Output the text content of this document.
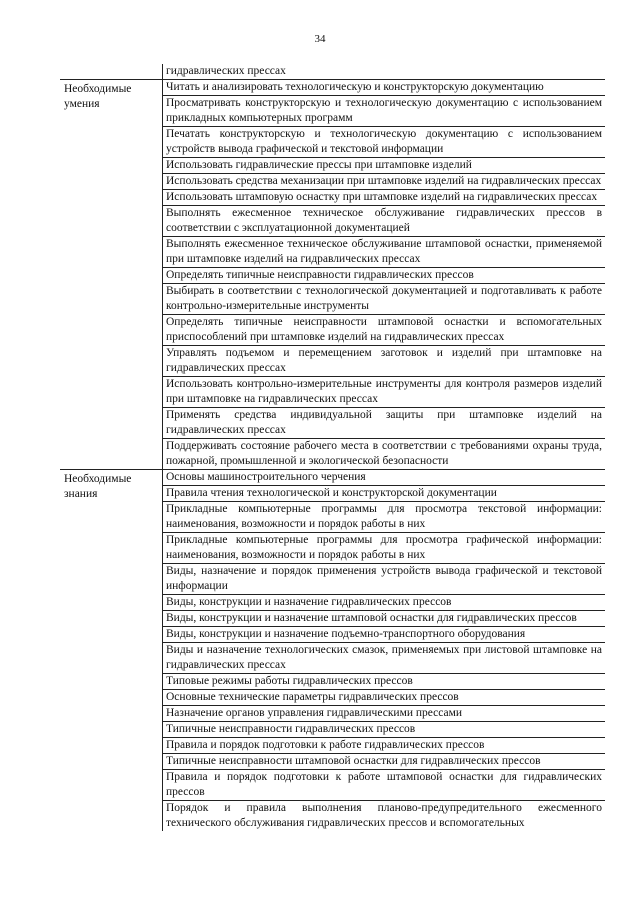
34
гидравлических прессах
Необходимые умения
Читать и анализировать технологическую и конструкторскую документацию
Просматривать конструкторскую и технологическую документацию с использованием прикладных компьютерных программ
Печатать конструкторскую и технологическую документацию с использованием устройств вывода графической и текстовой информации
Использовать гидравлические прессы при штамповке изделий
Использовать средства механизации при штамповке изделий на гидравлических прессах
Использовать штамповую оснастку при штамповке изделий на гидравлических прессах
Выполнять ежесменное техническое обслуживание гидравлических прессов в соответствии с эксплуатационной документацией
Выполнять ежесменное техническое обслуживание штамповой оснастки, применяемой при штамповке изделий на гидравлических прессах
Определять типичные неисправности гидравлических прессов
Выбирать в соответствии с технологической документацией и подготавливать к работе контрольно-измерительные инструменты
Определять типичные неисправности штамповой оснастки и вспомогательных приспособлений при штамповке изделий на гидравлических прессах
Управлять подъемом и перемещением заготовок и изделий при штамповке на гидравлических прессах
Использовать контрольно-измерительные инструменты для контроля размеров изделий при штамповке на гидравлических прессах
Применять средства индивидуальной защиты при штамповке изделий на гидравлических прессах
Поддерживать состояние рабочего места в соответствии с требованиями охраны труда, пожарной, промышленной и экологической безопасности
Необходимые знания
Основы машиностроительного черчения
Правила чтения технологической и конструкторской документации
Прикладные компьютерные программы для просмотра текстовой информации: наименования, возможности и порядок работы в них
Прикладные компьютерные программы для просмотра графической информации: наименования, возможности и порядок работы в них
Виды, назначение и порядок применения устройств вывода графической и текстовой информации
Виды, конструкции и назначение гидравлических прессов
Виды, конструкции и назначение штамповой оснастки для гидравлических прессов
Виды, конструкции и назначение подъемно-транспортного оборудования
Виды и назначение технологических смазок, применяемых при листовой штамповке на гидравлических прессах
Типовые режимы работы гидравлических прессов
Основные технические параметры гидравлических прессов
Назначение органов управления гидравлическими прессами
Типичные неисправности гидравлических прессов
Правила и порядок подготовки к работе гидравлических прессов
Типичные неисправности штамповой оснастки для гидравлических прессов
Правила и порядок подготовки к работе штамповой оснастки для гидравлических прессов
Порядок и правила выполнения планово-предупредительного ежесменного технического обслуживания гидравлических прессов и вспомогательных
